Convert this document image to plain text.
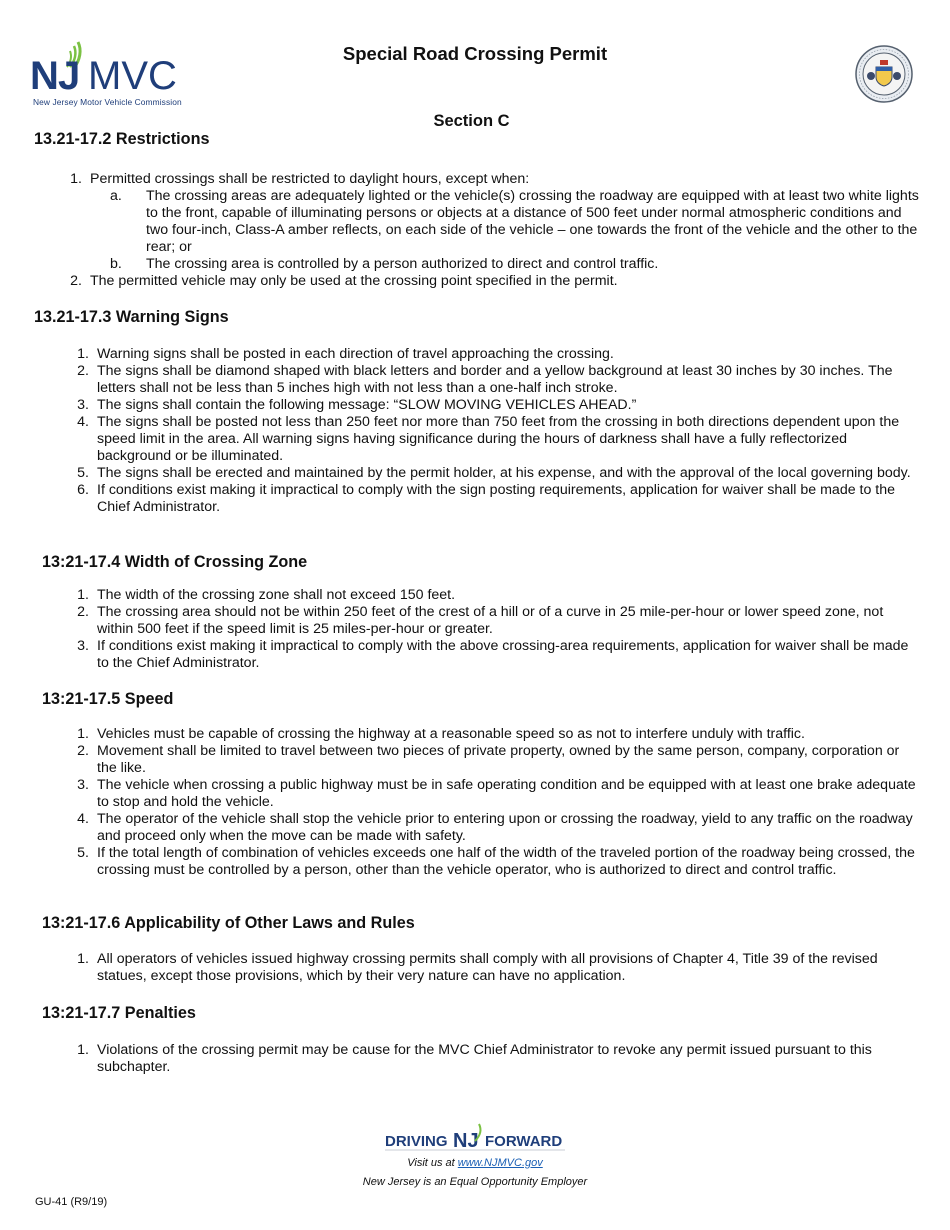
N J MVC
New Jersey Motor Vehicle Commission
Special Road Crossing Permit
Section C
13.21-17.2 Restrictions
1. Permitted crossings shall be restricted to daylight hours, except when:
a.	The crossing areas are adequately lighted or the vehicle(s) crossing the roadway are equipped with at least two white lights to the front, capable of illuminating persons or objects at a distance of 500 feet under normal atmospheric conditions and two four-inch, Class-A amber reflects, on each side of the vehicle – one towards the front of the vehicle and the other to the rear; or
b.	The crossing area is controlled by a person authorized to direct and control traffic.
2. The permitted vehicle may only be used at the crossing point specified in the permit.
13.21-17.3 Warning Signs
1. Warning signs shall be posted in each direction of travel approaching the crossing.
2. The signs shall be diamond shaped with black letters and border and a yellow background at least 30 inches by 30 inches. The letters shall not be less than 5 inches high with not less than a one-half inch stroke.
3. The signs shall contain the following message: “SLOW MOVING VEHICLES AHEAD.”
4. The signs shall be posted not less than 250 feet nor more than 750 feet from the crossing in both directions dependent upon the speed limit in the area. All warning signs having significance during the hours of darkness shall have a fully reflectorized background or be illuminated.
5. The signs shall be erected and maintained by the permit holder, at his expense, and with the approval of the local governing body.
6. If conditions exist making it impractical to comply with the sign posting requirements, application for waiver shall be made to the Chief Administrator.
13:21-17.4 Width of Crossing Zone
1. The width of the crossing zone shall not exceed 150 feet.
2. The crossing area should not be within 250 feet of the crest of a hill or of a curve in 25 mile-per-hour or lower speed zone, not within 500 feet if the speed limit is 25 miles-per-hour or greater.
3. If conditions exist making it impractical to comply with the above crossing-area requirements, application for waiver shall be made to the Chief Administrator.
13:21-17.5 Speed
1. Vehicles must be capable of crossing the highway at a reasonable speed so as not to interfere unduly with traffic.
2. Movement shall be limited to travel between two pieces of private property, owned by the same person, company, corporation or the like.
3. The vehicle when crossing a public highway must be in safe operating condition and be equipped with at least one brake adequate to stop and hold the vehicle.
4. The operator of the vehicle shall stop the vehicle prior to entering upon or crossing the roadway, yield to any traffic on the roadway and proceed only when the move can be made with safety.
5. If the total length of combination of vehicles exceeds one half of the width of the traveled portion of the roadway being crossed, the crossing must be controlled by a person, other than the vehicle operator, who is authorized to direct and control traffic.
13:21-17.6 Applicability of Other Laws and Rules
1. All operators of vehicles issued highway crossing permits shall comply with all provisions of Chapter 4, Title 39 of the revised statues, except those provisions, which by their very nature can have no application.
13:21-17.7 Penalties
1. Violations of the crossing permit may be cause for the MVC Chief Administrator to revoke any permit issued pursuant to this subchapter.
DRIVING NJ FORWARD
Visit us at www.NJMVC.gov
New Jersey is an Equal Opportunity Employer
GU-41 (R9/19)
